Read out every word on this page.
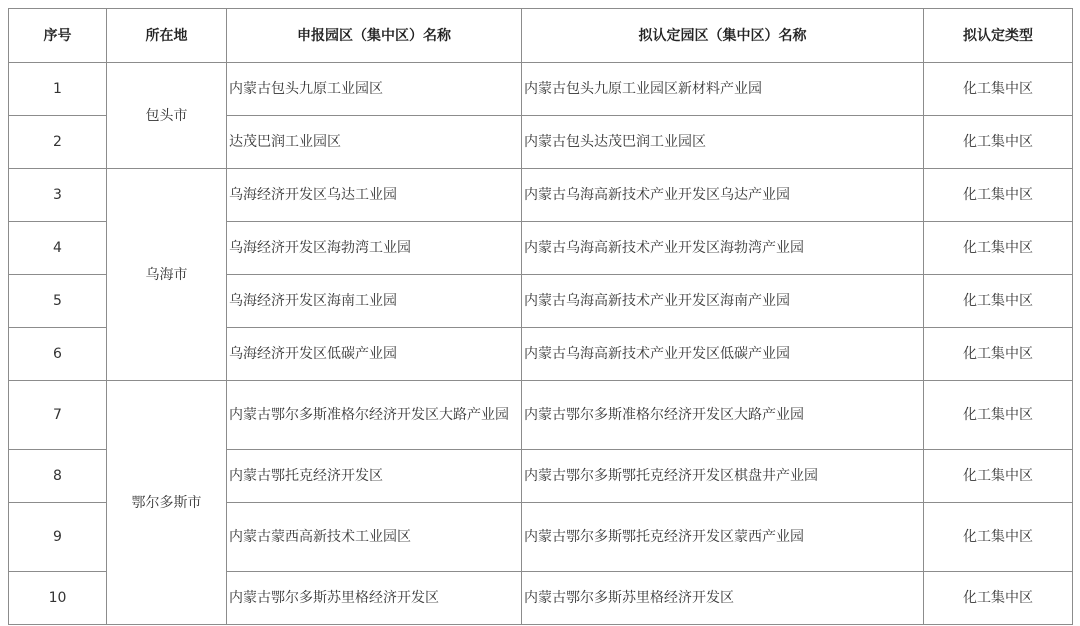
序号	所在地	申报园区（集中区）名称	拟认定园区（集中区）名称	拟认定类型
1	包头市	内蒙古包头九原工业园区	内蒙古包头九原工业园区新材料产业园	化工集中区
2		达茂巴润工业园区	内蒙古包头达茂巴润工业园区	化工集中区
3	乌海市	乌海经济开发区乌达工业园	内蒙古乌海高新技术产业开发区乌达产业园	化工集中区
4		乌海经济开发区海勃湾工业园	内蒙古乌海高新技术产业开发区海勃湾产业园	化工集中区
5		乌海经济开发区海南工业园	内蒙古乌海高新技术产业开发区海南产业园	化工集中区
6		乌海经济开发区低碳产业园	内蒙古乌海高新技术产业开发区低碳产业园	化工集中区
7	鄂尔多斯市	内蒙古鄂尔多斯准格尔经济开发区大路产业园	内蒙古鄂尔多斯准格尔经济开发区大路产业园	化工集中区
8		内蒙古鄂托克经济开发区	内蒙古鄂尔多斯鄂托克经济开发区棋盘井产业园	化工集中区
9		内蒙古蒙西高新技术工业园区	内蒙古鄂尔多斯鄂托克经济开发区蒙西产业园	化工集中区
10		内蒙古鄂尔多斯苏里格经济开发区	内蒙古鄂尔多斯苏里格经济开发区	化工集中区
